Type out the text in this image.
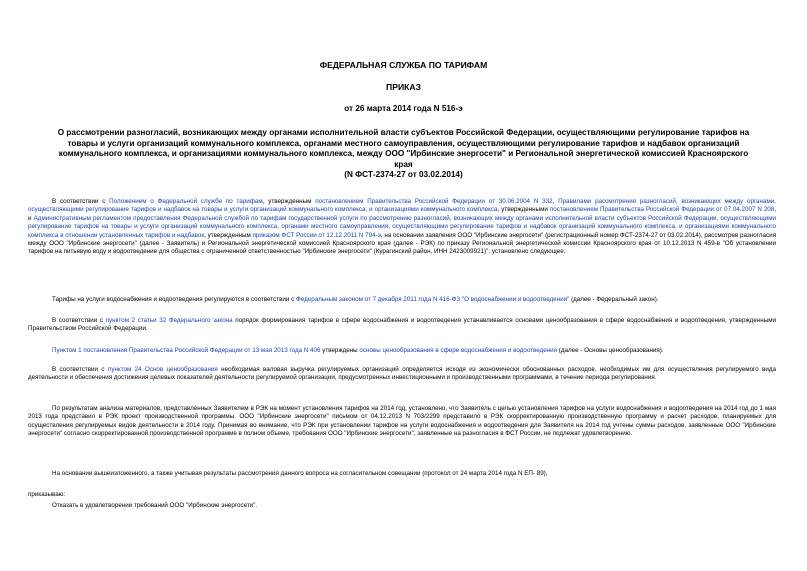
ФЕДЕРАЛЬНАЯ СЛУЖБА ПО ТАРИФАМ
ПРИКАЗ
от 26 марта 2014 года N 516-э
О рассмотрении разногласий, возникающих между органами исполнительной власти субъектов Российской Федерации, осуществляющими регулирование тарифов на товары и услуги организаций коммунального комплекса, органами местного самоуправления, осуществляющими регулирование тарифов и надбавок организаций коммунального комплекса, и организациями коммунального комплекса, между ООО "Ирбинские энергосети" и Региональной энергетической комиссией Красноярского края
(N ФСТ-2374-27 от 03.02.2014)
В соответствии с Положением о Федеральной службе по тарифам, утвержденным постановлением Правительства Российской Федерации от 30.06.2004 N 332, Правилами рассмотрения разногласий, возникающих между органами, осуществляющими регулирование тарифов и надбавок на товары и услуги организаций коммунального комплекса, и организациями коммунального комплекса, утвержденными постановлением Правительства Российской Федерации от 07.04.2007 N 208, и Административным регламентом предоставления Федеральной службой по тарифам государственной услуги по рассмотрению разногласий, возникающих между органами исполнительной власти субъектов Российской Федерации, осуществляющими регулирование тарифов на товары и услуги организаций коммунального комплекса, органами местного самоуправления, осуществляющими регулирование тарифов и надбавок организаций коммунального комплекса, и организациями коммунального комплекса в отношении установленных тарифов и надбавок, утвержденным приказом ФСТ России от 12.12.2011 N 794-э, на основании заявления ООО "Ирбинские энергосети" (регистрационный номер ФСТ-2374-27 от 03.02.2014), рассмотрев разногласия между ООО "Ирбинские энергосети" (далее - Заявитель) и Региональной энергетической комиссией Красноярского края (далее - РЭК) по приказу Региональной энергетической комиссии Красноярского края от 10.12.2013 N 459-в "Об установлении тарифов на питьевую воду и водоотведение для общества с ограниченной ответственностью "Ирбинские энергосети" (Курагинский район, ИНН 2423009921)", установлено следующее.
Тарифы на услуги водоснабжения и водоотведения регулируются в соответствии с Федеральным законом от 7 декабря 2011 года N 416-ФЗ "О водоснабжении и водоотведении" (далее - Федеральный закон).
В соответствии с пунктом 2 статьи 32 Федерального закона порядок формирования тарифов в сфере водоснабжения и водоотведения устанавливается основами ценообразования в сфере водоснабжения и водоотведения, утвержденными Правительством Российской Федерации.
Пунктом 1 постановления Правительства Российской Федерации от 13 мая 2013 года N 406 утверждены основы ценообразования в сфере водоснабжения и водоотведения (далее - Основы ценообразования).
В соответствии с пунктом 24 Основ ценообразования необходимая валовая выручка регулируемых организаций определяется исходя из экономически обоснованных расходов, необходимых им для осуществления регулируемого вида деятельности и обеспечения достижения целевых показателей деятельности регулируемой организации, предусмотренных инвестиционными и производственными программами, в течение периода регулирования.
По результатам анализа материалов, представленных Заявителем в РЭК на момент установления тарифов на 2014 год, установлено, что Заявитель с целью установления тарифов на услуги водоснабжения и водоотведения на 2014 год до 1 мая 2013 года представил в РЭК проект производственной программы. ООО "Ирбинские энергосети" письмом от 04.12.2013 N 703/2299 представило в РЭК скорректированную производственную программу и расчет расходов, планируемых для осуществления регулируемых видов деятельности в 2014 году. Принимая во внимание, что РЭК при установлении тарифов на услуги водоснабжения и водоотведения для Заявителя на 2014 год учтены суммы расходов, заявленные ООО "Ирбинские энергосети" согласно скорректированной производственной программе в полном объеме, требования ООО "Ирбинские энергосети", заявленные на разногласия в ФСТ России, не подлежат удовлетворению.
На основании вышеизложенного, а также учитывая результаты рассмотрения данного вопроса на согласительном совещании (протокол от 24 марта 2014 года N ЕП- 89),
приказываю:
Отказать в удовлетворении требований ООО "Ирбинские энергосети".
